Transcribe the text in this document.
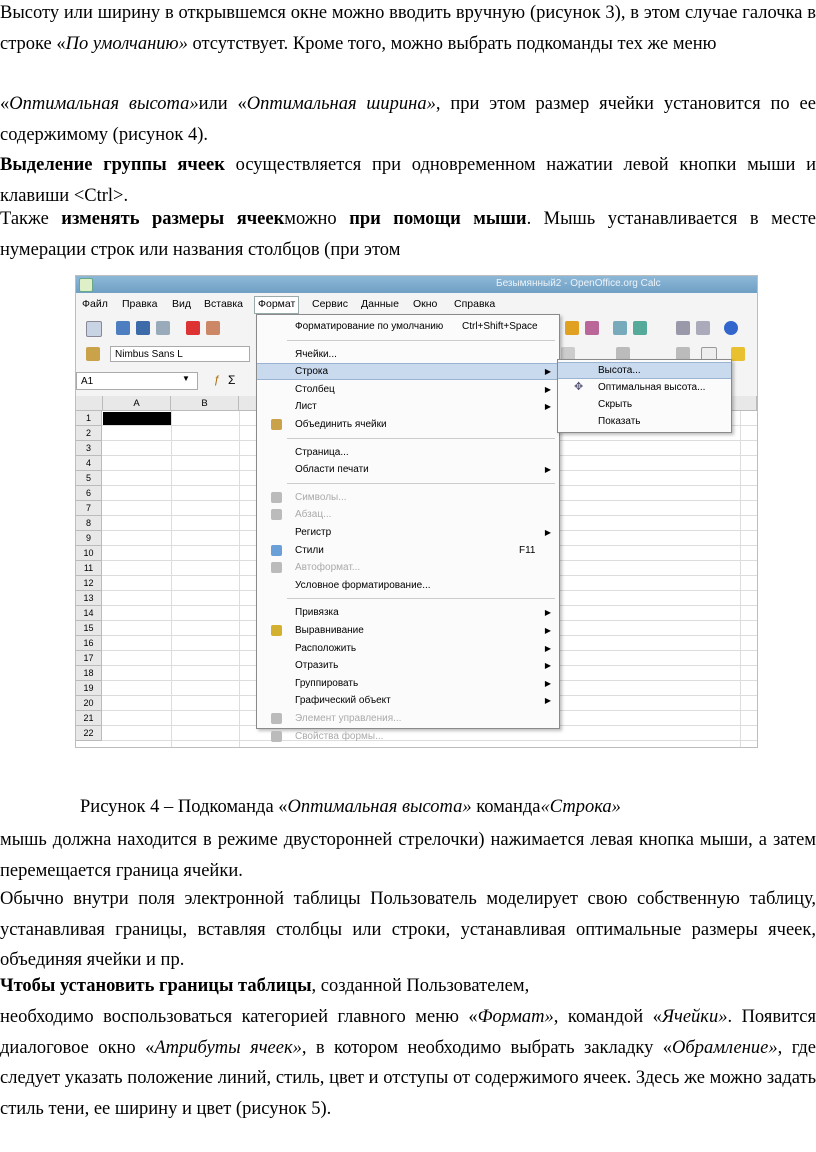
Высоту или ширину в открывшемся окне можно вводить вручную (рисунок 3), в этом случае галочка в строке «По умолчанию» отсутствует. Кроме того, можно выбрать подкоманды тех же меню
«Оптимальная высота»или «Оптимальная ширина», при этом размер ячейки установится по ее содержимому (рисунок 4).
Выделение группы ячеек осуществляется при одновременном нажатии левой кнопки мыши и клавиши <Ctrl>.
Также изменять размеры ячеекможно при помощи мыши. Мышь устанавливается в месте нумерации строк или названия столбцов (при этом
Безымянный2 - OpenOffice.org Calc
Файл Правка Вид Вставка	Формат	Сервис Данные Окно Справка
Nimbus Sans L
A1	▼ ƒ Σ
A	B
1
2
3
4
5
6
7
8
9
10
11
12
13
14
15
16
17
18
19
20
21
22
Форматирование по умолчанию Ctrl+Shift+Space
Ячейки...
Строка	▶
Столбец	▶
Лист	▶
Объединить ячейки
Страница...
Области печати	▶
Символы...
Абзац...
Регистр	▶
Стили	F11
Автоформат...
Условное форматирование...
Привязка	▶
Выравнивание	▶
Расположить	▶
Отразить	▶
Группировать	▶
Графический объект	▶
Элемент управления...
Свойства формы...
Высота...
✥ Оптимальная высота...
Скрыть
Показать
Рисунок 4 – Подкоманда «Оптимальная высота» команда«Строка»
мышь должна находится в режиме двусторонней стрелочки) нажимается левая кнопка мыши, а затем перемещается граница ячейки.
Обычно внутри поля электронной таблицы Пользователь моделирует свою собственную таблицу, устанавливая границы, вставляя столбцы или строки, устанавливая оптимальные размеры ячеек, объединяя ячейки и пр.
Чтобы установить границы таблицы, созданной Пользователем,
необходимо воспользоваться категорией главного меню «Формат», командой «Ячейки». Появится диалоговое окно «Атрибуты ячеек», в котором необходимо выбрать закладку «Обрамление», где следует указать положение линий, стиль, цвет и отступы от содержимого ячеек. Здесь же можно задать стиль тени, ее ширину и цвет (рисунок 5).
